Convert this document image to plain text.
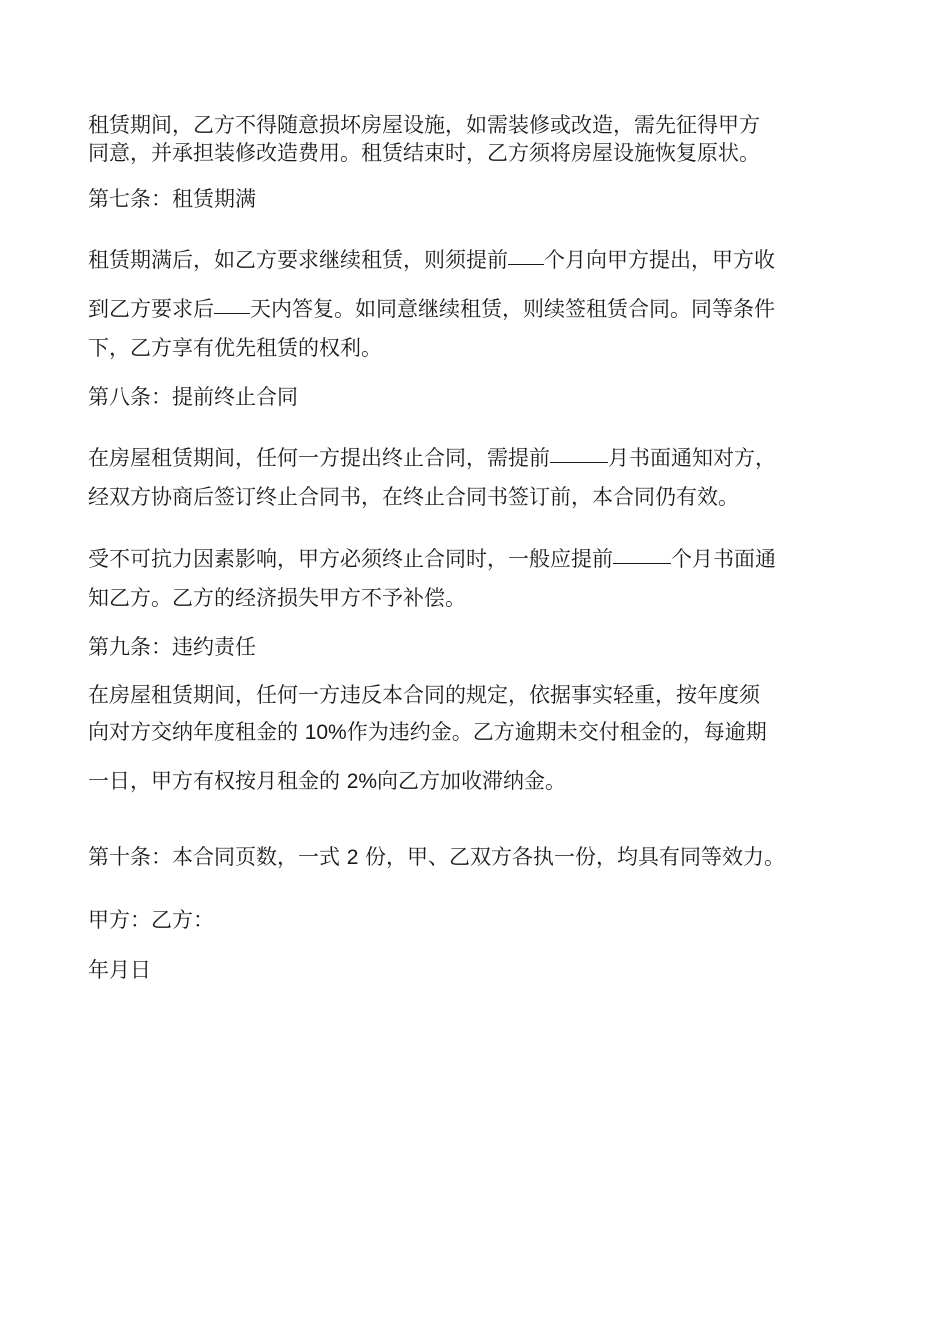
租赁期间，乙方不得随意损坏房屋设施，如需装修或改造，需先征得甲方
同意，并承担装修改造费用。租赁结束时，乙方须将房屋设施恢复原状。
第七条：租赁期满
租赁期满后，如乙方要求继续租赁，则须提前 个月向甲方提出，甲方收
到乙方要求后 天内答复。如同意继续租赁，则续签租赁合同。同等条件
下，乙方享有优先租赁的权利。
第八条：提前终止合同
在房屋租赁期间，任何一方提出终止合同，需提前	月书面通知对方，
经双方协商后签订终止合同书，在终止合同书签订前，本合同仍有效。
受不可抗力因素影响，甲方必须终止合同时，一般应提前	个月书面通
知乙方。乙方的经济损失甲方不予补偿。
第九条：违约责任
在房屋租赁期间，任何一方违反本合同的规定，依据事实轻重，按年度须
向对方交纳年度租金的 10%作为违约金。乙方逾期未交付租金的，每逾期
一日，甲方有权按月租金的 2%向乙方加收滞纳金。
第十条：本合同页数，一式 2 份，甲、乙双方各执一份，均具有同等效力。
甲方：乙方：
年月日
